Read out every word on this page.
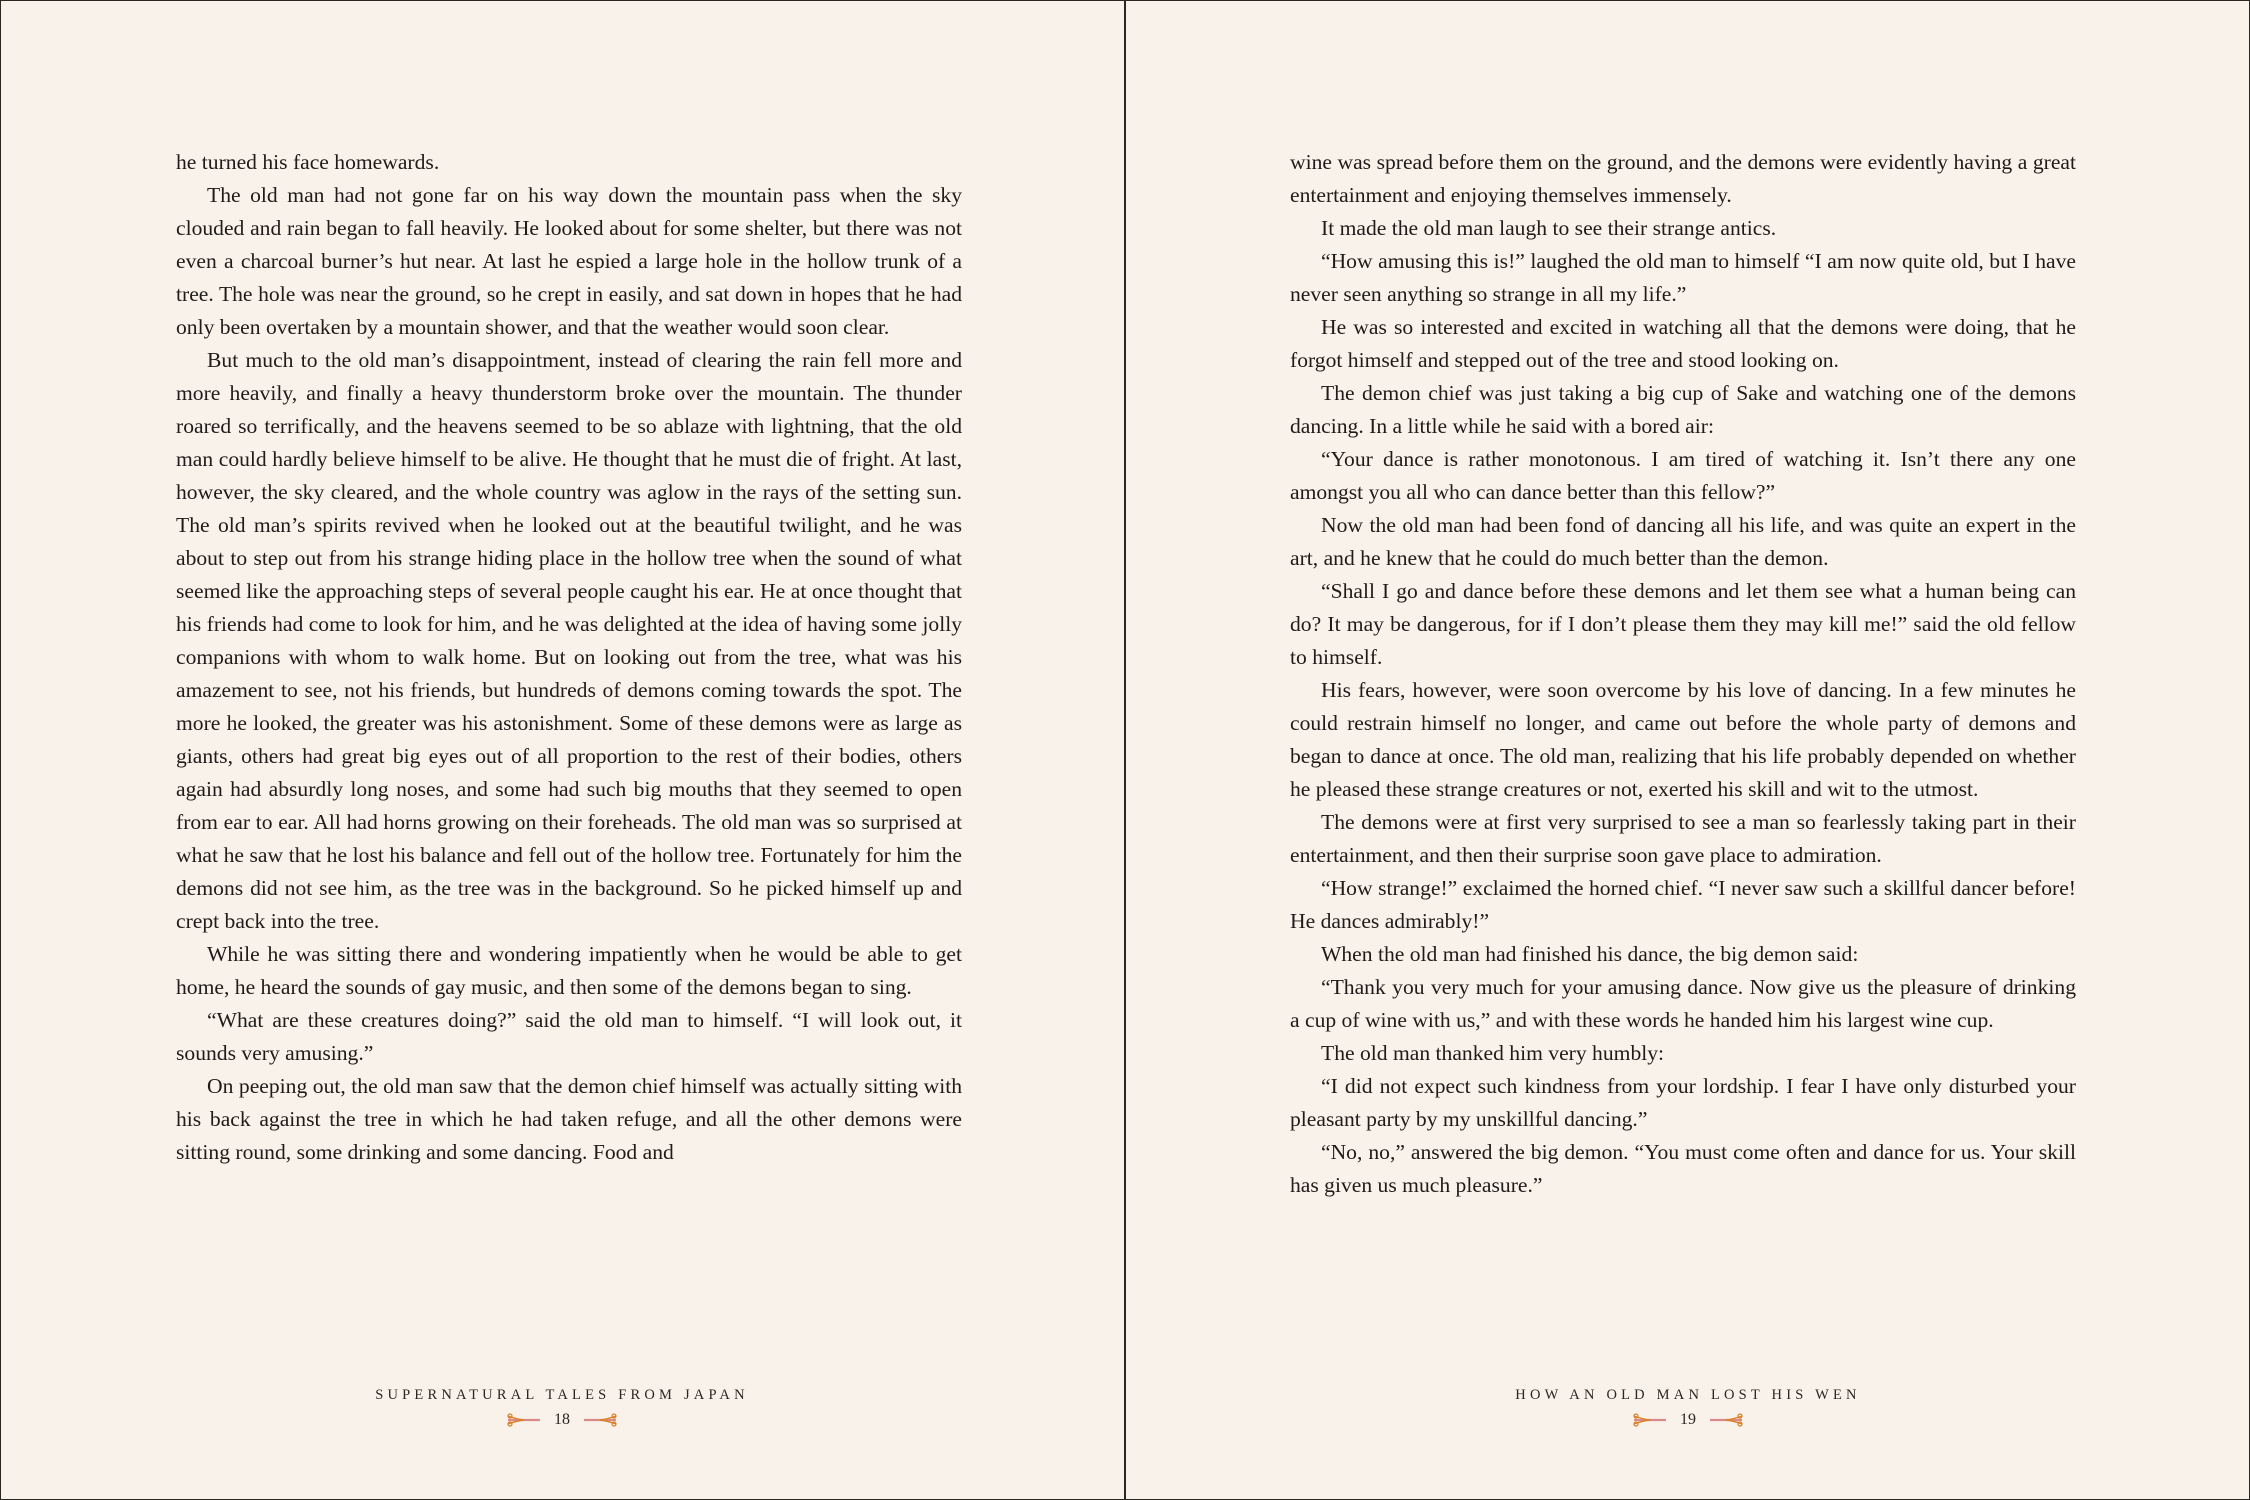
he turned his face homewards.

The old man had not gone far on his way down the mountain pass when the sky clouded and rain began to fall heavily. He looked about for some shelter, but there was not even a charcoal burner’s hut near. At last he espied a large hole in the hollow trunk of a tree. The hole was near the ground, so he crept in easily, and sat down in hopes that he had only been overtaken by a mountain shower, and that the weather would soon clear.

But much to the old man’s disappointment, instead of clearing the rain fell more and more heavily, and finally a heavy thunderstorm broke over the mountain. The thunder roared so terrifically, and the heavens seemed to be so ablaze with lightning, that the old man could hardly believe himself to be alive. He thought that he must die of fright. At last, however, the sky cleared, and the whole country was aglow in the rays of the setting sun. The old man’s spirits revived when he looked out at the beautiful twilight, and he was about to step out from his strange hiding place in the hollow tree when the sound of what seemed like the approaching steps of several people caught his ear. He at once thought that his friends had come to look for him, and he was delighted at the idea of having some jolly companions with whom to walk home. But on looking out from the tree, what was his amazement to see, not his friends, but hundreds of demons coming towards the spot. The more he looked, the greater was his astonishment. Some of these demons were as large as giants, others had great big eyes out of all proportion to the rest of their bodies, others again had absurdly long noses, and some had such big mouths that they seemed to open from ear to ear. All had horns growing on their foreheads. The old man was so surprised at what he saw that he lost his balance and fell out of the hollow tree. Fortunately for him the demons did not see him, as the tree was in the background. So he picked himself up and crept back into the tree.

While he was sitting there and wondering impatiently when he would be able to get home, he heard the sounds of gay music, and then some of the demons began to sing.

“What are these creatures doing?” said the old man to himself. “I will look out, it sounds very amusing.”

On peeping out, the old man saw that the demon chief himself was actually sitting with his back against the tree in which he had taken refuge, and all the other demons were sitting round, some drinking and some dancing. Food and

SUPERNATURAL TALES FROM JAPAN
18

wine was spread before them on the ground, and the demons were evidently having a great entertainment and enjoying themselves immensely.

It made the old man laugh to see their strange antics.

“How amusing this is!” laughed the old man to himself “I am now quite old, but I have never seen anything so strange in all my life.”

He was so interested and excited in watching all that the demons were doing, that he forgot himself and stepped out of the tree and stood looking on.

The demon chief was just taking a big cup of Sake and watching one of the demons dancing. In a little while he said with a bored air:

“Your dance is rather monotonous. I am tired of watching it. Isn’t there any one amongst you all who can dance better than this fellow?”

Now the old man had been fond of dancing all his life, and was quite an expert in the art, and he knew that he could do much better than the demon.

“Shall I go and dance before these demons and let them see what a human being can do? It may be dangerous, for if I don’t please them they may kill me!” said the old fellow to himself.

His fears, however, were soon overcome by his love of dancing. In a few minutes he could restrain himself no longer, and came out before the whole party of demons and began to dance at once. The old man, realizing that his life probably depended on whether he pleased these strange creatures or not, exerted his skill and wit to the utmost.

The demons were at first very surprised to see a man so fearlessly taking part in their entertainment, and then their surprise soon gave place to admiration.

“How strange!” exclaimed the horned chief. “I never saw such a skillful dancer before! He dances admirably!”

When the old man had finished his dance, the big demon said:

“Thank you very much for your amusing dance. Now give us the pleasure of drinking a cup of wine with us,” and with these words he handed him his largest wine cup.

The old man thanked him very humbly:

“I did not expect such kindness from your lordship. I fear I have only disturbed your pleasant party by my unskillful dancing.”

“No, no,” answered the big demon. “You must come often and dance for us. Your skill has given us much pleasure.”

HOW AN OLD MAN LOST HIS WEN
19
